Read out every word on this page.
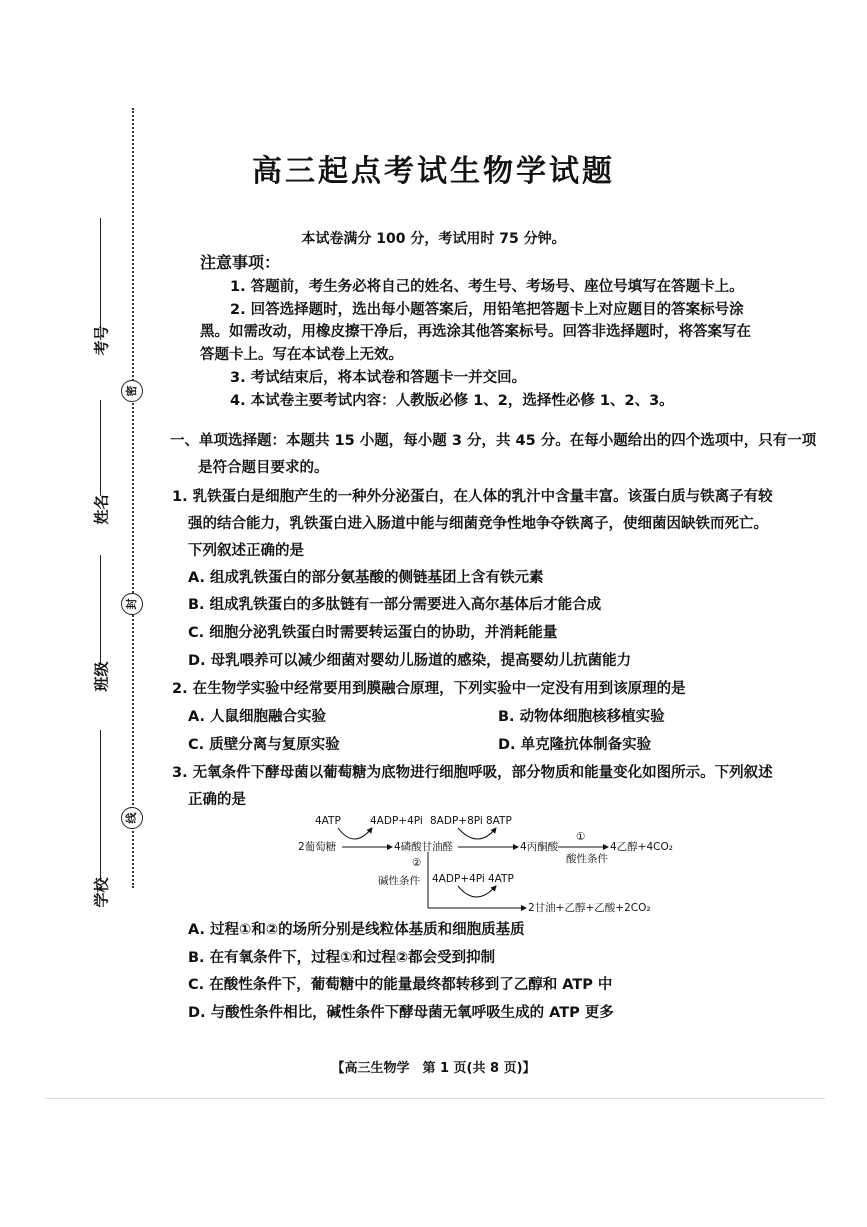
密
封
线
考号
姓名
班级
学校
高三起点考试生物学试题
本试卷满分 100 分，考试用时 75 分钟。
注意事项：
1. 答题前，考生务必将自己的姓名、考生号、考场号、座位号填写在答题卡上。
2. 回答选择题时，选出每小题答案后，用铅笔把答题卡上对应题目的答案标号涂
黑。如需改动，用橡皮擦干净后，再选涂其他答案标号。回答非选择题时，将答案写在
答题卡上。写在本试卷上无效。
3. 考试结束后，将本试卷和答题卡一并交回。
4. 本试卷主要考试内容：人教版必修 1、2，选择性必修 1、2、3。
一、单项选择题：本题共 15 小题，每小题 3 分，共 45 分。在每小题给出的四个选项中，只有一项
是符合题目要求的。
1. 乳铁蛋白是细胞产生的一种外分泌蛋白，在人体的乳汁中含量丰富。该蛋白质与铁离子有较
强的结合能力，乳铁蛋白进入肠道中能与细菌竞争性地争夺铁离子，使细菌因缺铁而死亡。
下列叙述正确的是
A. 组成乳铁蛋白的部分氨基酸的侧链基团上含有铁元素
B. 组成乳铁蛋白的多肽链有一部分需要进入高尔基体后才能合成
C. 细胞分泌乳铁蛋白时需要转运蛋白的协助，并消耗能量
D. 母乳喂养可以减少细菌对婴幼儿肠道的感染，提高婴幼儿抗菌能力
2. 在生物学实验中经常要用到膜融合原理，下列实验中一定没有用到该原理的是
A. 人鼠细胞融合实验	B. 动物体细胞核移植实验
C. 质壁分离与复原实验	D. 单克隆抗体制备实验
3. 无氧条件下酵母菌以葡萄糖为底物进行细胞呼吸，部分物质和能量变化如图所示。下列叙述
正确的是
4ATP	4ADP+4Pi 8ADP+8Pi 8ATP
2葡萄糖	4磷酸甘油醛	4丙酮酸
①
酸性条件
4乙醇+4CO₂
②
碱性条件 4ADP+4Pi 4ATP
2甘油+乙醇+乙酸+2CO₂
A. 过程①和②的场所分别是线粒体基质和细胞质基质
B. 在有氧条件下，过程①和过程②都会受到抑制
C. 在酸性条件下，葡萄糖中的能量最终都转移到了乙醇和 ATP 中
D. 与酸性条件相比，碱性条件下酵母菌无氧呼吸生成的 ATP 更多
【高三生物学　第 1 页(共 8 页)】
